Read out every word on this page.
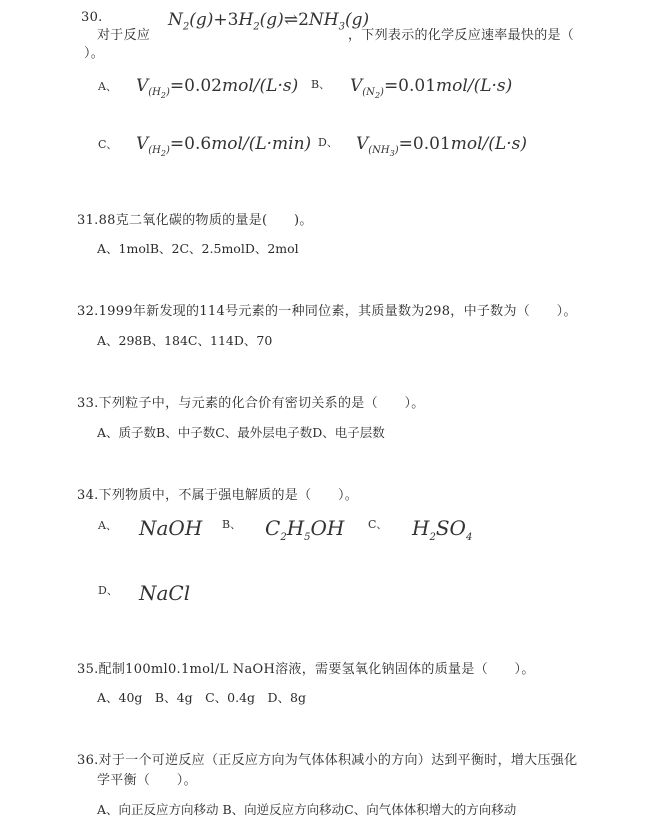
30.
对于反应
$N_2(g)+3H_2(g)\rightleftharpoons 2NH_3(g)$
，下列表示的化学反应速率最快的是（
）。
A、 $V_{(H_2)}=0.02mol/(L\cdot s)$ B、 $V_{(N_2)}=0.01mol/(L\cdot s)$
C、 $V_{(H_2)}=0.6mol/(L\cdot\min)$ D、 $V_{(NH_3)}=0.01mol/(L\cdot s)$
31.88克二氧化碳的物质的量是(　　)。
A、1molB、2C、2.5molD、2mol
32.1999年新发现的114号元素的一种同位素，其质量数为298，中子数为（　　）。
A、298B、184C、114D、70
33.下列粒子中，与元素的化合价有密切关系的是（　　）。
A、质子数B、中子数C、最外层电子数D、电子层数
34.下列物质中，不属于强电解质的是（　　）。
A、 NaOH B、 $C_2H_5OH$ C、 $H_2SO_4$
D、 NaCl
35.配制100ml0.1mol/L NaOH溶液，需要氢氧化钠固体的质量是（　　）。
A、40g　B、4g　C、0.4g　D、8g
36.对于一个可逆反应（正反应方向为气体体积减小的方向）达到平衡时，增大压强化
学平衡（　　）。
A、向正反应方向移动 B、向逆反应方向移动C、向气体体积增大的方向移动
